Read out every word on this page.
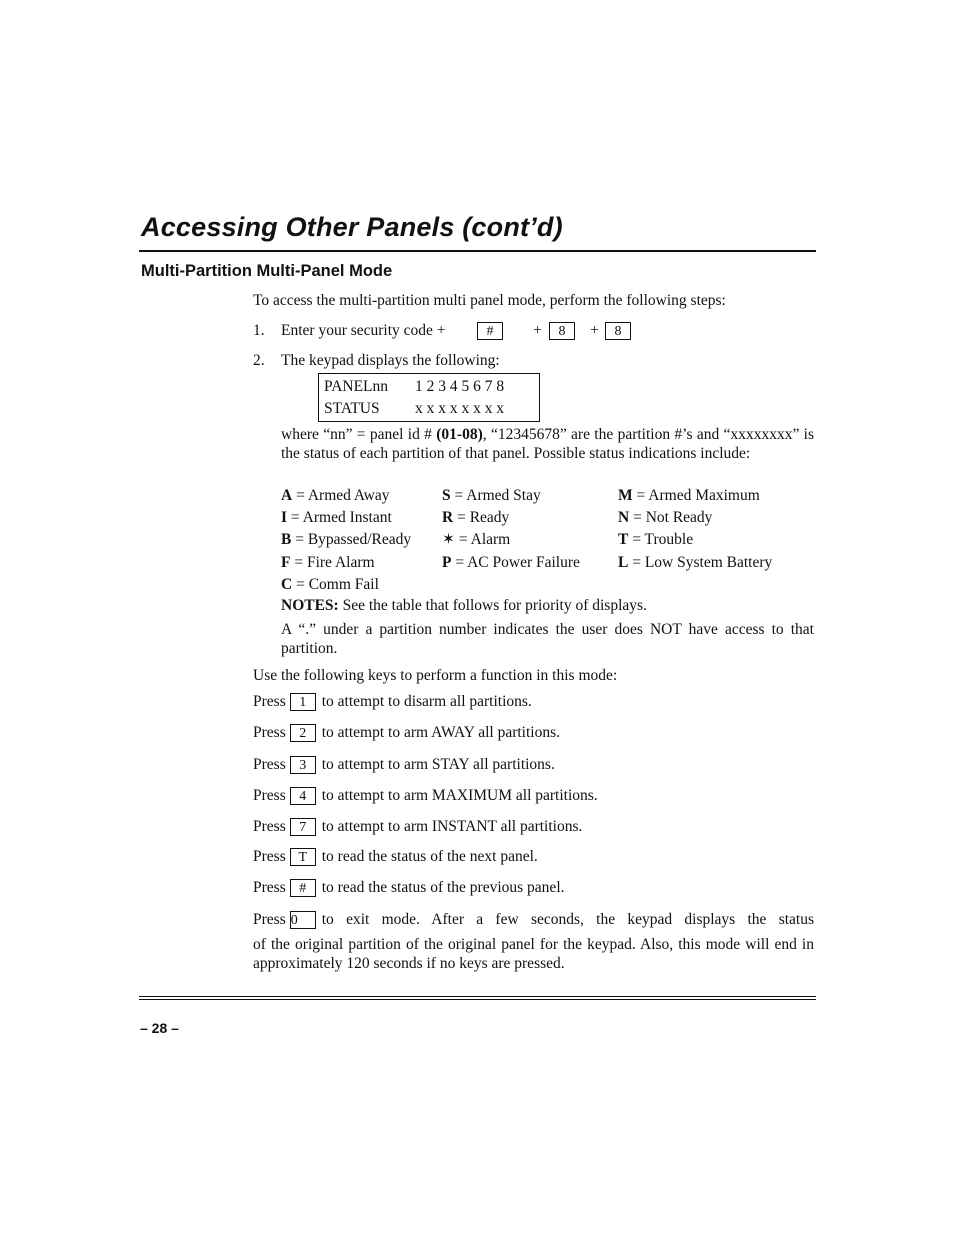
Accessing Other Panels (cont’d)
Multi-Partition Multi-Panel Mode
To access the multi-partition multi panel mode, perform the following steps:
1. Enter your security code +	#	+	8	+	8
2. The keypad displays the following:
PANELnn 1 2 3 4 5 6 7 8
STATUS x x x x x x x x
where “nn” = panel id # (01-08), “12345678” are the partition #’s and “xxxxxxxx” is the status of each partition of that panel. Possible status indications include:
A = Armed Away	S = Armed Stay	M = Armed Maximum
I = Armed Instant	R = Ready	N = Not Ready
B = Bypassed/Ready ✶ = Alarm	T = Trouble
F = Fire Alarm	P = AC Power Failure L = Low System Battery
C = Comm Fail
NOTES: See the table that follows for priority of displays.
A “.” under a partition number indicates the user does NOT have access to that partition.
Use the following keys to perform a function in this mode:
Press 1 to attempt to disarm all partitions.
Press 2 to attempt to arm AWAY all partitions.
Press 3 to attempt to arm STAY all partitions.
Press 4 to attempt to arm MAXIMUM all partitions.
Press 7 to attempt to arm INSTANT all partitions.
Press T to read the status of the next panel.
Press # to read the status of the previous panel.
Press 0 to exit mode. After a few seconds, the keypad displays the status
of the original partition of the original panel for the keypad. Also, this mode will end in approximately 120 seconds if no keys are pressed.
– 28 –
